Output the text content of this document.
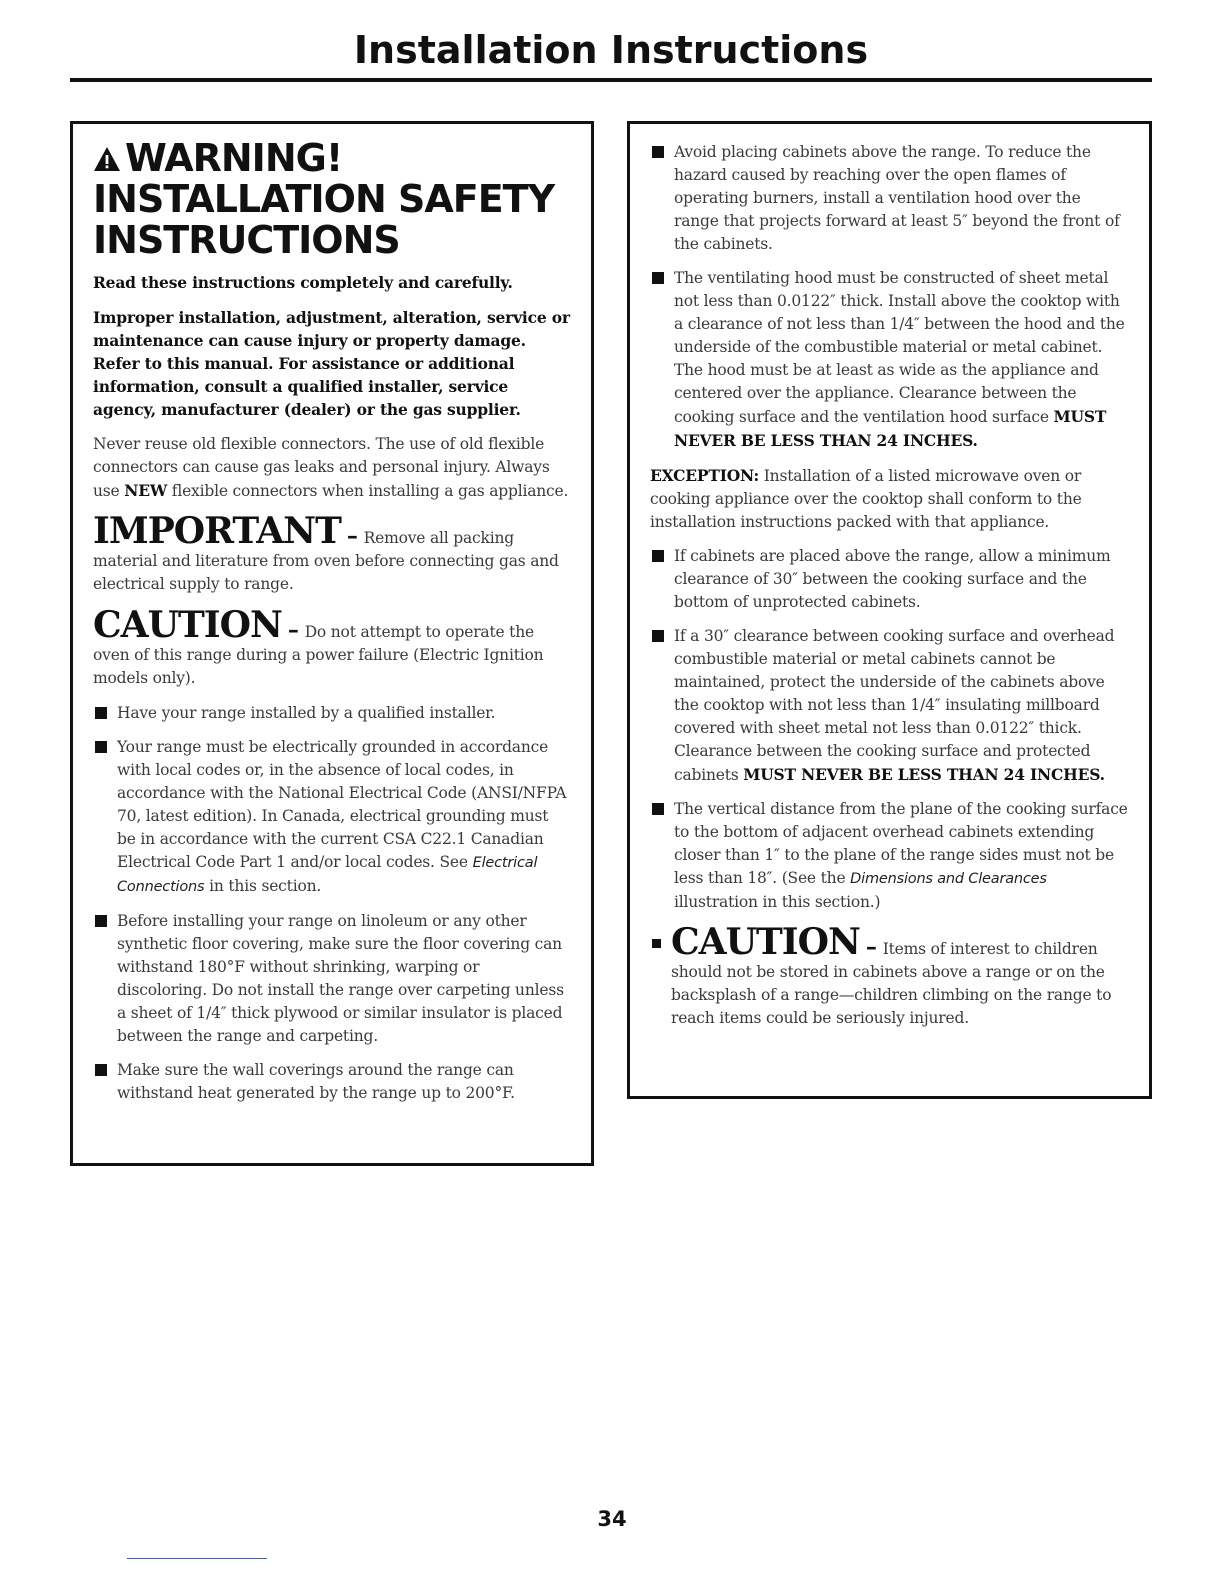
Installation Instructions
WARNING!
INSTALLATION SAFETY
INSTRUCTIONS

Read these instructions completely and carefully.

Improper installation, adjustment, alteration, service or maintenance can cause injury or property damage. Refer to this manual. For assistance or additional information, consult a qualified installer, service agency, manufacturer (dealer) or the gas supplier.

Never reuse old flexible connectors. The use of old flexible connectors can cause gas leaks and personal injury. Always use NEW flexible connectors when installing a gas appliance.

IMPORTANT – Remove all packing material and literature from oven before connecting gas and electrical supply to range.

CAUTION – Do not attempt to operate the oven of this range during a power failure (Electric Ignition models only).

Have your range installed by a qualified installer.
Your range must be electrically grounded in accordance with local codes or, in the absence of local codes, in accordance with the National Electrical Code (ANSI/NFPA 70, latest edition). In Canada, electrical grounding must be in accordance with the current CSA C22.1 Canadian Electrical Code Part 1 and/or local codes. See Electrical Connections in this section.
Before installing your range on linoleum or any other synthetic floor covering, make sure the floor covering can withstand 180°F without shrinking, warping or discoloring. Do not install the range over carpeting unless a sheet of 1/4″ thick plywood or similar insulator is placed between the range and carpeting.
Make sure the wall coverings around the range can withstand heat generated by the range up to 200°F.
Avoid placing cabinets above the range. To reduce the hazard caused by reaching over the open flames of operating burners, install a ventilation hood over the range that projects forward at least 5″ beyond the front of the cabinets.
The ventilating hood must be constructed of sheet metal not less than 0.0122″ thick. Install above the cooktop with a clearance of not less than 1/4″ between the hood and the underside of the combustible material or metal cabinet. The hood must be at least as wide as the appliance and centered over the appliance. Clearance between the cooking surface and the ventilation hood surface MUST NEVER BE LESS THAN 24 INCHES.

EXCEPTION: Installation of a listed microwave oven or cooking appliance over the cooktop shall conform to the installation instructions packed with that appliance.

If cabinets are placed above the range, allow a minimum clearance of 30″ between the cooking surface and the bottom of unprotected cabinets.
If a 30″ clearance between cooking surface and overhead combustible material or metal cabinets cannot be maintained, protect the underside of the cabinets above the cooktop with not less than 1/4″ insulating millboard covered with sheet metal not less than 0.0122″ thick. Clearance between the cooking surface and protected cabinets MUST NEVER BE LESS THAN 24 INCHES.
The vertical distance from the plane of the cooking surface to the bottom of adjacent overhead cabinets extending closer than 1″ to the plane of the range sides must not be less than 18″. (See the Dimensions and Clearances illustration in this section.)
CAUTION – Items of interest to children should not be stored in cabinets above a range or on the backsplash of a range—children climbing on the range to reach items could be seriously injured.
34
